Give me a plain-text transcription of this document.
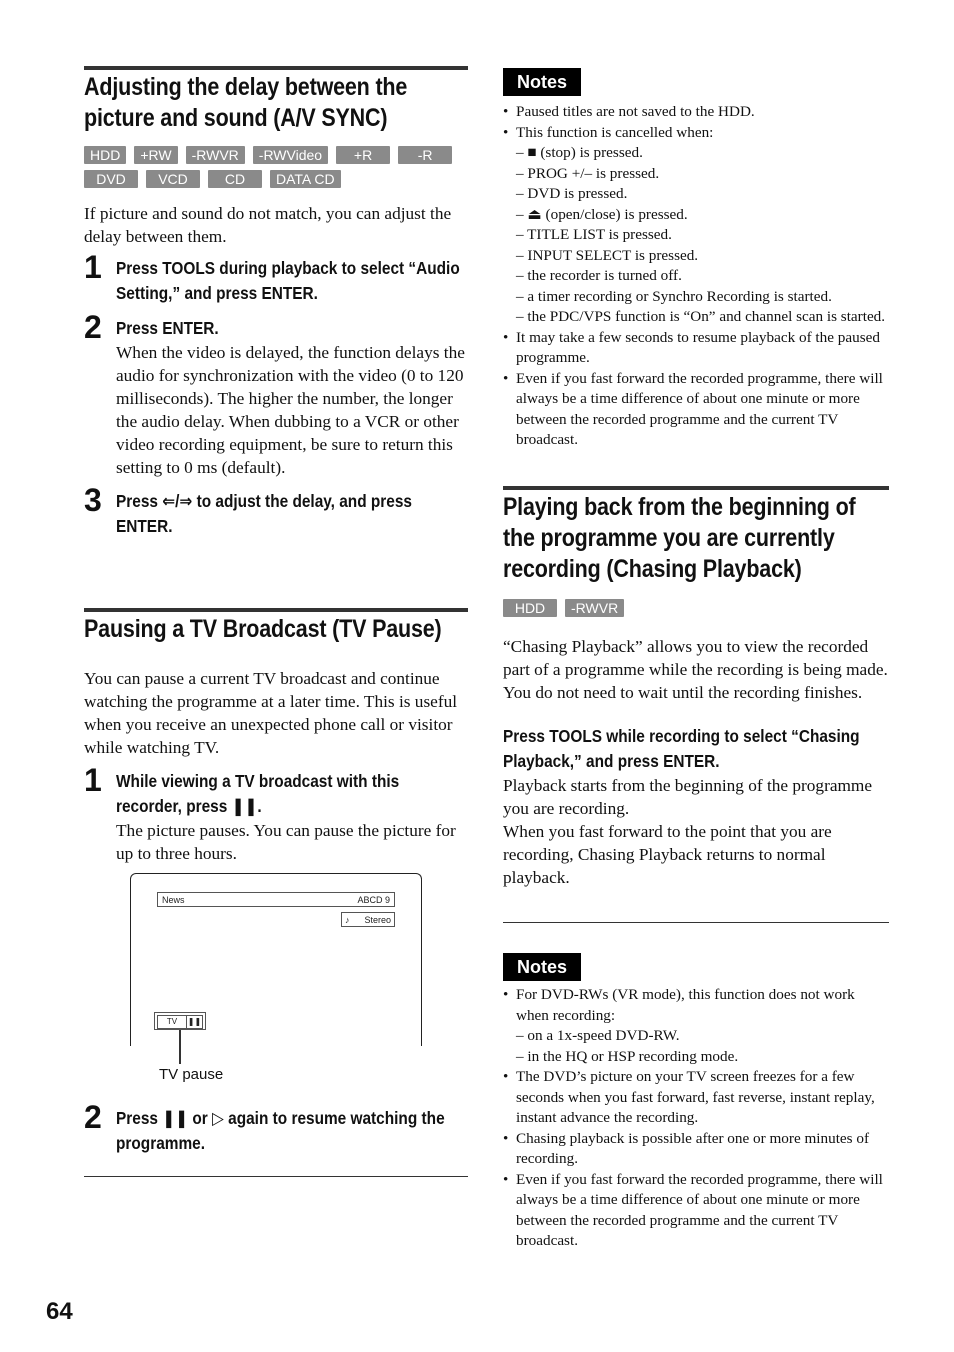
Adjusting the delay between the
picture and sound (A/V SYNC)
HDD	+RW	-RWVR	-RWVideo	+R	-R
DVD	VCD	CD	DATA CD

If picture and sound do not match, you can adjust the delay between them.

1 Press TOOLS during playback to select “Audio Setting,” and press ENTER.

2 Press ENTER.

When the video is delayed, the function delays the audio for synchronization with the video (0 to 120 milliseconds). The higher the number, the longer the audio delay. When dubbing to a VCR or other video recording equipment, be sure to return this setting to 0 ms (default).

3 Press ⇐/⇒ to adjust the delay, and press ENTER.

Pausing a TV Broadcast (TV Pause)

You can pause a current TV broadcast and continue watching the programme at a later time. This is useful when you receive an unexpected phone call or visitor while watching TV.

1 While viewing a TV broadcast with this recorder, press ❚❚.

The picture pauses. You can pause the picture for up to three hours.

News	ABCD 9
♪ Stereo
TV	❚❚
TV pause
2 Press ❚❚ or ▷ again to resume watching the programme.

Notes
• Paused titles are not saved to the HDD.
• This function is cancelled when:
– ■ (stop) is pressed.
– PROG +/– is pressed.
– DVD is pressed.
– ⏏ (open/close) is pressed.
– TITLE LIST is pressed.
– INPUT SELECT is pressed.
– the recorder is turned off.
– a timer recording or Synchro Recording is started.
– the PDC/VPS function is “On” and channel scan is started.
• It may take a few seconds to resume playback of the paused programme.
• Even if you fast forward the recorded programme, there will always be a time difference of about one minute or more between the recorded programme and the current TV broadcast.
Playing back from the beginning of
the programme you are currently
recording (Chasing Playback)
HDD	-RWVR

“Chasing Playback” allows you to view the recorded part of a programme while the recording is being made. You do not need to wait until the recording finishes.

Press TOOLS while recording to select “Chasing Playback,” and press ENTER.

Playback starts from the beginning of the programme you are recording.

When you fast forward to the point that you are recording, Chasing Playback returns to normal playback.

Notes
• For DVD-RWs (VR mode), this function does not work when recording:
– on a 1x-speed DVD-RW.
– in the HQ or HSP recording mode.
• The DVD’s picture on your TV screen freezes for a few seconds when you fast forward, fast reverse, instant replay, instant advance the recording.
• Chasing playback is possible after one or more minutes of recording.
• Even if you fast forward the recorded programme, there will always be a time difference of about one minute or more between the recorded programme and the current TV broadcast.
64
